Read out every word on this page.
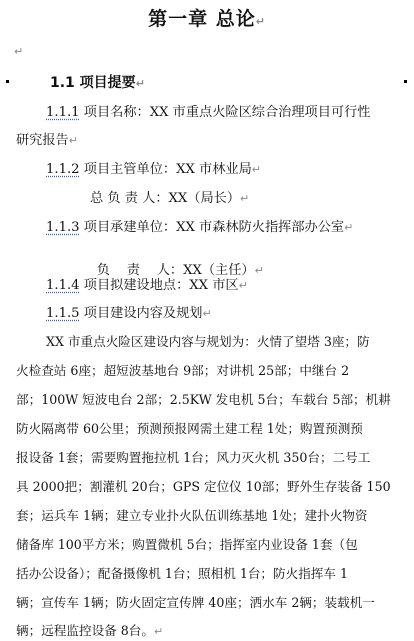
第一章 总论↵
↵
1.1 项目提要↵
1.1.1 项目名称：XX 市重点火险区综合治理项目可行性
研究报告↵
1.1.2 项目主管单位：XX 市林业局↵
总 负 责 人：XX（局长）↵
1.1.3 项目承建单位：XX 市森林防火指挥部办公室↵

负    责    人：XX（主任）↵

1.1.4 项目拟建设地点：XX 市区↵
1.1.5 项目建设内容及规划↵
XX 市重点火险区建设内容与规划为：火情了望塔 3座；防
火检查站 6座；超短波基地台 9部；对讲机 25部；中继台 2
部；100W 短波电台 2部；2.5KW 发电机 5台；车载台 5部；机耕
防火隔离带 60公里；预测预报网需土建工程 1处；购置预测预
报设备 1套；需要购置拖拉机 1台；风力灭火机 350台；二号工
具 2000把；割灌机 20台；GPS 定位仪 10部；野外生存装备 150
套；运兵车 1辆；建立专业扑火队伍训练基地 1处；建扑火物资
储备库 100平方米；购置微机 5台；指挥室内业设备 1套（包
括办公设备）；配备摄像机 1台；照相机 1台；防火指挥车 1
辆；宣传车 1辆；防火固定宣传牌 40座；洒水车 2辆；装载机一
辆；远程监控设备 8台。↵
